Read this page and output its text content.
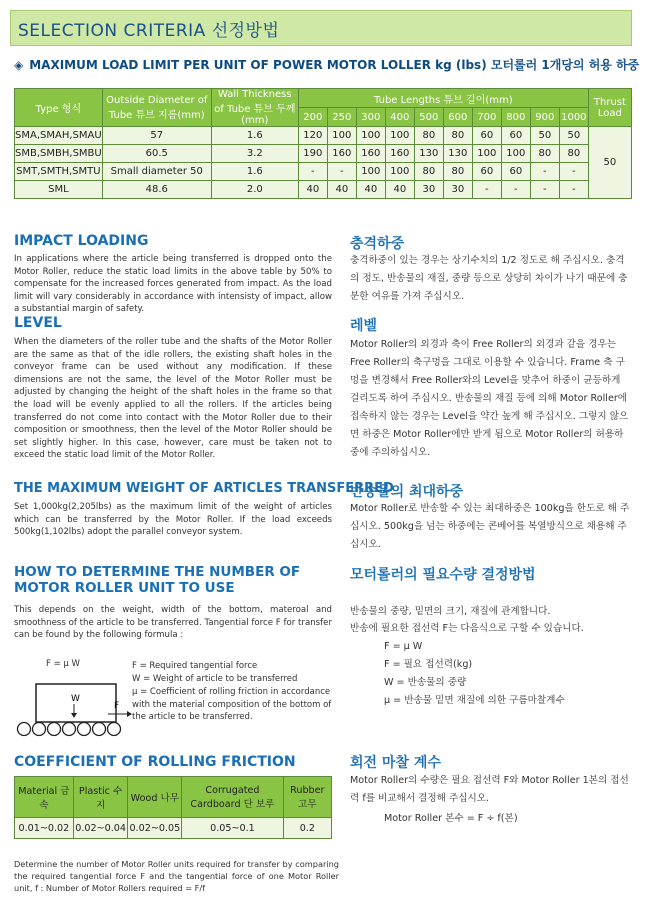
SELECTION CRITERIA 선정방법
◈ MAXIMUM LOAD LIMIT PER UNIT OF POWER MOTOR LOLLER kg (lbs) 모터롤러 1개당의 허용 하중
Type 형식	Outside Diameter of Tube 튜브 지름(mm)	Wall Thickness of Tube 튜브 두께(mm)	Tube Lengths 튜브 길이(mm)										Thrust Load
			200	250	300	400	500	600	700	800	900	1000	
SMA,SMAH,SMAU	57	1.6	120	100	100	100	80	80	60	60	50	50	50
SMB,SMBH,SMBU	60.5	3.2	190	160	160	160	130	130	100	100	80	80	
SMT,SMTH,SMTU	Small diameter 50	1.6	-	-	100	100	80	80	60	60	-	-	
SML	48.6	2.0	40	40	40	40	30	30	-	-	-	-	
IMPACT LOADING
In applications where the article being transferred is dropped onto the Motor Roller, reduce the static load limits in the above table by 50% to compensate for the increased forces generated from impact. As the load limit will vary considerably in accordance with intensisty of impact, allow a substantial margin of safety.
충격하중
충격하중이 있는 경우는 상기수치의 1/2 정도로 해 주십시오. 충격의 정도, 반송물의 재질, 중량 등으로 상당히 차이가 나기 때문에 충분한 여유를 가져 주십시오.
LEVEL
When the diameters of the roller tube and the shafts of the Motor Roller are the same as that of the idle rollers, the existing shaft holes in the conveyor frame can be used without any modification. If these dimensions are not the same, the level of the Motor Roller must be adjusted by changing the height of the shaft holes in the frame so that the load will be evenly applied to all the rollers. If the articles being transferred do not come into contact with the Motor Roller due to their composition or smoothness, then the level of the Motor Roller should be set slightly higher. In this case, however, care must be taken not to exceed the static load limit of the Motor Roller.
레벨
Motor Roller의 외경과 축이 Free Roller의 외경과 같을 경우는 Free Roller의 축구멍을 그대로 이용할 수 있습니다. Frame 축 구멍을 변경해서 Free Roller와의 Level을 맞추어 하중이 균등하게 걸리도록 하여 주십시오. 반송물의 재질 등에 의해 Motor Roller에 접속하지 않는 경우는 Level을 약간 높게 해 주십시오. 그렇지 않으면 하중은 Motor Roller에만 받게 됨으로 Motor Roller의 허용하중에 주의하십시오.
THE MAXIMUM WEIGHT OF ARTICLES TRANSFERRED
Set 1,000kg(2,205lbs) as the maximum limit of the weight of articles which can be transferred by the Motor Roller. If the load exceeds 500kg(1,102lbs) adopt the parallel conveyor system.
반송물의 최대하중
Motor Roller로 반송할 수 있는 최대하중은 100kg을 한도로 해 주십시오. 500kg을 넘는 하중에는 콘베어를 복열방식으로 채용해 주십시오.
HOW TO DETERMINE THE NUMBER OF MOTOR ROLLER UNIT TO USE
This depends on the weight, width of the bottom, materoal and smoothness of the article to be transferred. Tangential force F for transfer can be found by the following formula :
F = μ W	F = Required tangential force
W = Weight of article to be transferred
μ = Coefficient of rolling friction in accordance with the material composition of the bottom of the article to be transferred.
W
F
모터롤러의 필요수량 결정방법
반송물의 중량, 밑면의 크기, 재질에 관계합니다.
반송에 필요한 접선력 F는 다음식으로 구할 수 있습니다.
F = μ W
F = 필요 접선력(kg)
W = 반송물의 중량
μ = 반송물 밑면 재질에 의한 구름마찰계수
COEFFICIENT OF ROLLING FRICTION
Material 금속	Plastic 수지	Wood 나무	Corrugated Cardboard 단 보루	Rubber 고무
0.01~0.02	0.02~0.04	0.02~0.05	0.05~0.1	0.2
Determine the number of Motor Roller units required for transfer by comparing the required tangential force F and the tangential force of one Motor Roller unit, f : Number of Motor Rollers required = F/f
회전 마찰 계수
Motor Roller의 수량은 필요 접선력 F와 Motor Roller 1본의 접선력 f를 비교해서 결정해 주십시오.
Motor Roller 본수 = F ÷ f(본)
